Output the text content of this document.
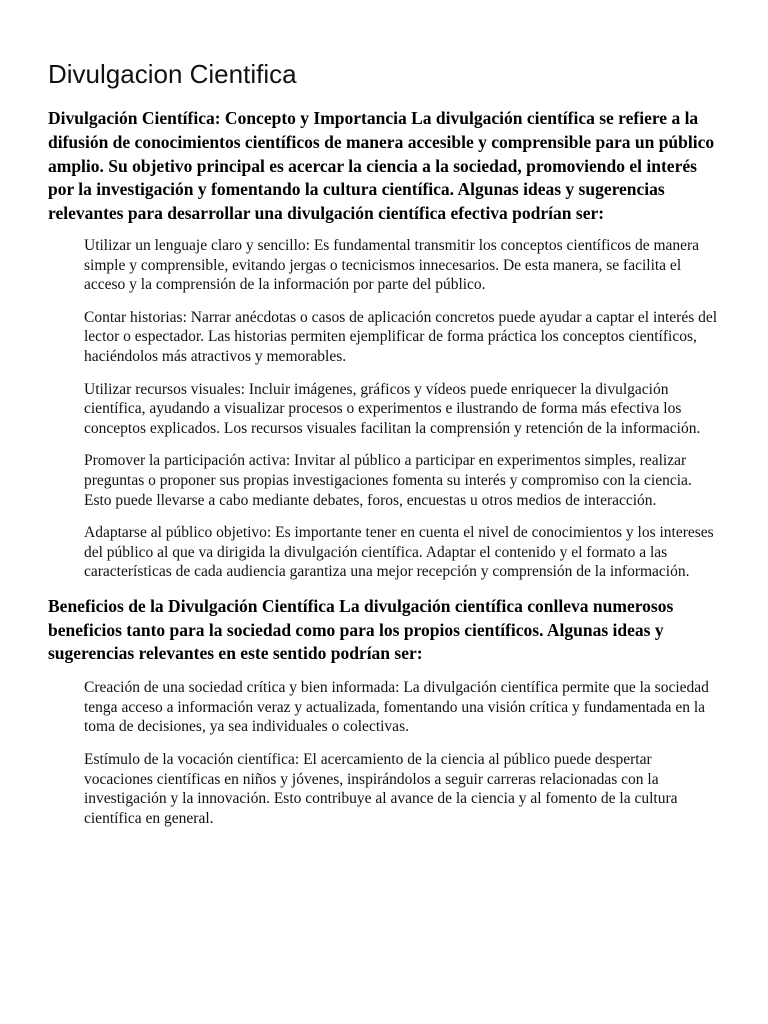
Divulgacion Cientifica

Divulgación Científica: Concepto y Importancia La divulgación científica se refiere a la difusión de conocimientos científicos de manera accesible y comprensible para un público amplio. Su objetivo principal es acercar la ciencia a la sociedad, promoviendo el interés por la investigación y fomentando la cultura científica. Algunas ideas y sugerencias relevantes para desarrollar una divulgación científica efectiva podrían ser:

Utilizar un lenguaje claro y sencillo: Es fundamental transmitir los conceptos científicos de manera simple y comprensible, evitando jergas o tecnicismos innecesarios. De esta manera, se facilita el acceso y la comprensión de la información por parte del público.
Contar historias: Narrar anécdotas o casos de aplicación concretos puede ayudar a captar el interés del lector o espectador. Las historias permiten ejemplificar de forma práctica los conceptos científicos, haciéndolos más atractivos y memorables.
Utilizar recursos visuales: Incluir imágenes, gráficos y vídeos puede enriquecer la divulgación científica, ayudando a visualizar procesos o experimentos e ilustrando de forma más efectiva los conceptos explicados. Los recursos visuales facilitan la comprensión y retención de la información.
Promover la participación activa: Invitar al público a participar en experimentos simples, realizar preguntas o proponer sus propias investigaciones fomenta su interés y compromiso con la ciencia. Esto puede llevarse a cabo mediante debates, foros, encuestas u otros medios de interacción.
Adaptarse al público objetivo: Es importante tener en cuenta el nivel de conocimientos y los intereses del público al que va dirigida la divulgación científica. Adaptar el contenido y el formato a las características de cada audiencia garantiza una mejor recepción y comprensión de la información.

Beneficios de la Divulgación Científica La divulgación científica conlleva numerosos beneficios tanto para la sociedad como para los propios científicos. Algunas ideas y sugerencias relevantes en este sentido podrían ser:

Creación de una sociedad crítica y bien informada: La divulgación científica permite que la sociedad tenga acceso a información veraz y actualizada, fomentando una visión crítica y fundamentada en la toma de decisiones, ya sea individuales o colectivas.
Estímulo de la vocación científica: El acercamiento de la ciencia al público puede despertar vocaciones científicas en niños y jóvenes, inspirándolos a seguir carreras relacionadas con la investigación y la innovación. Esto contribuye al avance de la ciencia y al fomento de la cultura científica en general.
